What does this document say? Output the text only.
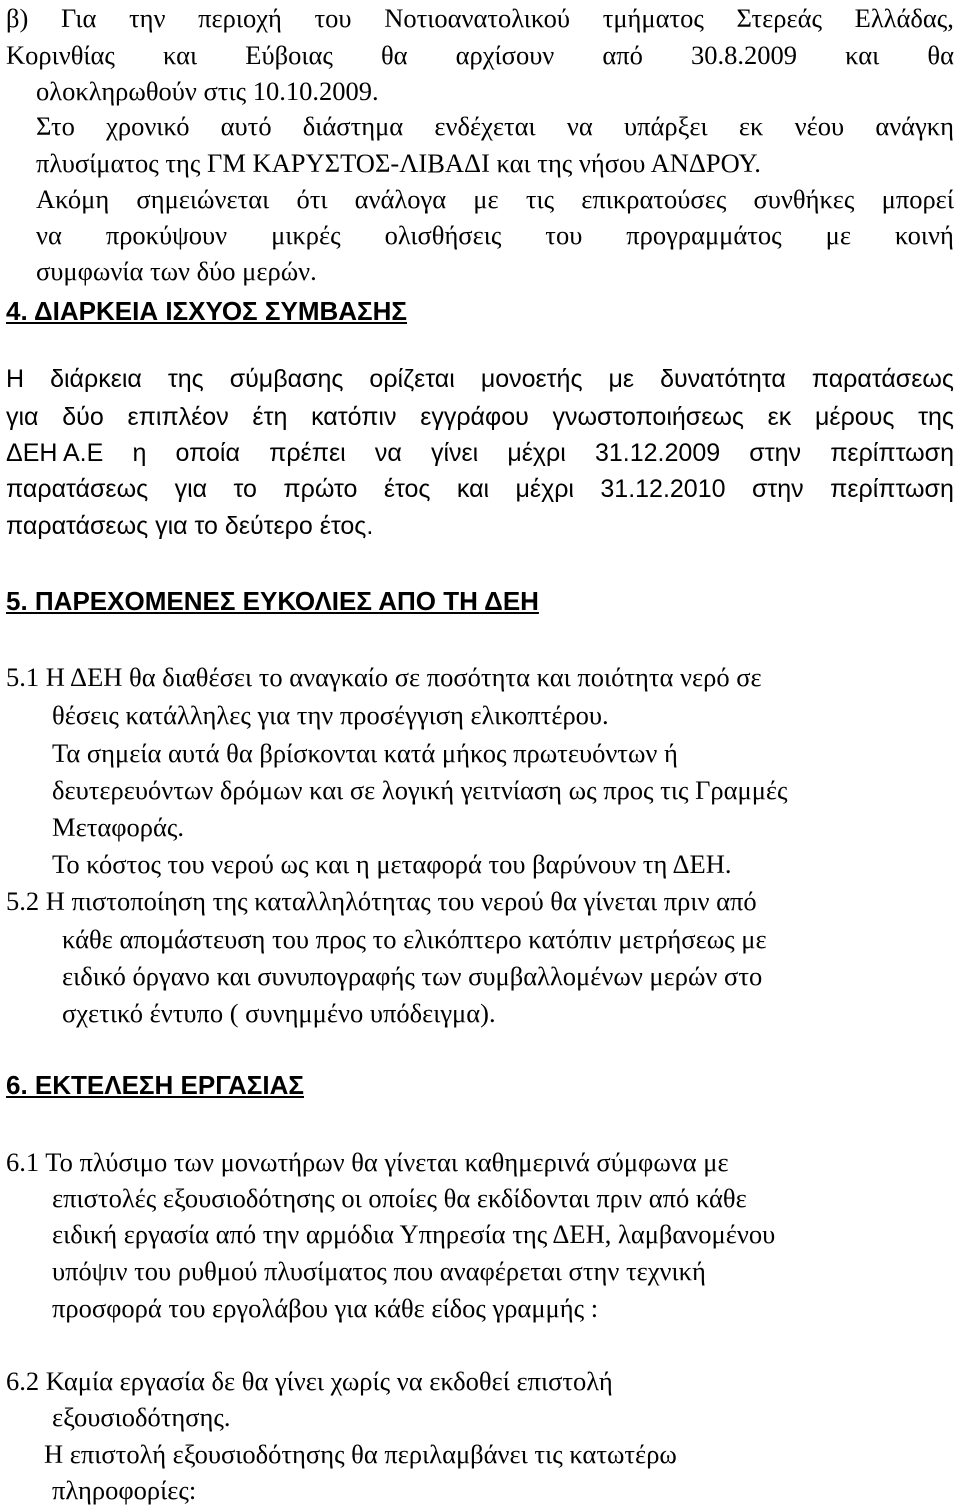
β) Για την περιοχή του Νοτιοανατολικού τμήματος Στερεάς Ελλάδας,
Κορινθίας και Εύβοιας θα αρχίσουν από 30.8.2009 και θα
ολοκληρωθούν στις 10.10.2009.
Στο χρονικό αυτό διάστημα ενδέχεται να υπάρξει εκ νέου ανάγκη
πλυσίματος της ΓΜ ΚΑΡΥΣΤΟΣ-ΛΙΒΑΔΙ και της νήσου ΑΝΔΡΟΥ.
Ακόμη σημειώνεται ότι ανάλογα με τις επικρατούσες συνθήκες μπορεί
να προκύψουν μικρές ολισθήσεις του προγραμμάτος με κοινή
συμφωνία των δύο μερών.
4. ΔΙΑΡΚΕΙΑ ΙΣΧΥΟΣ ΣΥΜΒΑΣΗΣ
Η διάρκεια της σύμβασης ορίζεται μονοετής με δυνατότητα παρατάσεως
για δύο επιπλέον έτη κατόπιν εγγράφου γνωστοποιήσεως εκ μέρους της
ΔΕΗ Α.Ε η οποία πρέπει να γίνει μέχρι 31.12.2009 στην περίπτωση
παρατάσεως για το πρώτο έτος και μέχρι 31.12.2010 στην περίπτωση
παρατάσεως για το δεύτερο έτος.
5. ΠΑΡΕΧΟΜΕΝΕΣ ΕΥΚΟΛΙΕΣ ΑΠΟ ΤΗ ΔΕΗ
5.1 Η ΔΕΗ θα διαθέσει το αναγκαίο σε ποσότητα και ποιότητα νερό σε
θέσεις κατάλληλες για την προσέγγιση ελικοπτέρου.
Τα σημεία αυτά θα βρίσκονται κατά μήκος πρωτευόντων ή
δευτερευόντων δρόμων και σε λογική γειτνίαση ως προς τις Γραμμές
Μεταφοράς.
Το κόστος του νερού ως και η μεταφορά του βαρύνουν τη ΔΕΗ.
5.2 Η πιστοποίηση της καταλληλότητας του νερού θα γίνεται πριν από
κάθε απομάστευση του προς το ελικόπτερο κατόπιν μετρήσεως με
ειδικό όργανο και συνυπογραφής των συμβαλλομένων μερών στο
σχετικό έντυπο ( συνημμένο υπόδειγμα).
6. ΕΚΤΕΛΕΣΗ ΕΡΓΑΣΙΑΣ
6.1 Το πλύσιμο των μονωτήρων θα γίνεται καθημερινά σύμφωνα με
επιστολές εξουσιοδότησης οι οποίες θα εκδίδονται πριν από κάθε
ειδική εργασία από την αρμόδια Υπηρεσία της ΔΕΗ, λαμβανομένου
υπόψιν του ρυθμού πλυσίματος που αναφέρεται στην τεχνική
προσφορά του εργολάβου για κάθε είδος γραμμής :
6.2 Καμία εργασία δε θα γίνει χωρίς να εκδοθεί επιστολή
εξουσιοδότησης.
Η επιστολή εξουσιοδότησης θα περιλαμβάνει τις κατωτέρω
πληροφορίες:
